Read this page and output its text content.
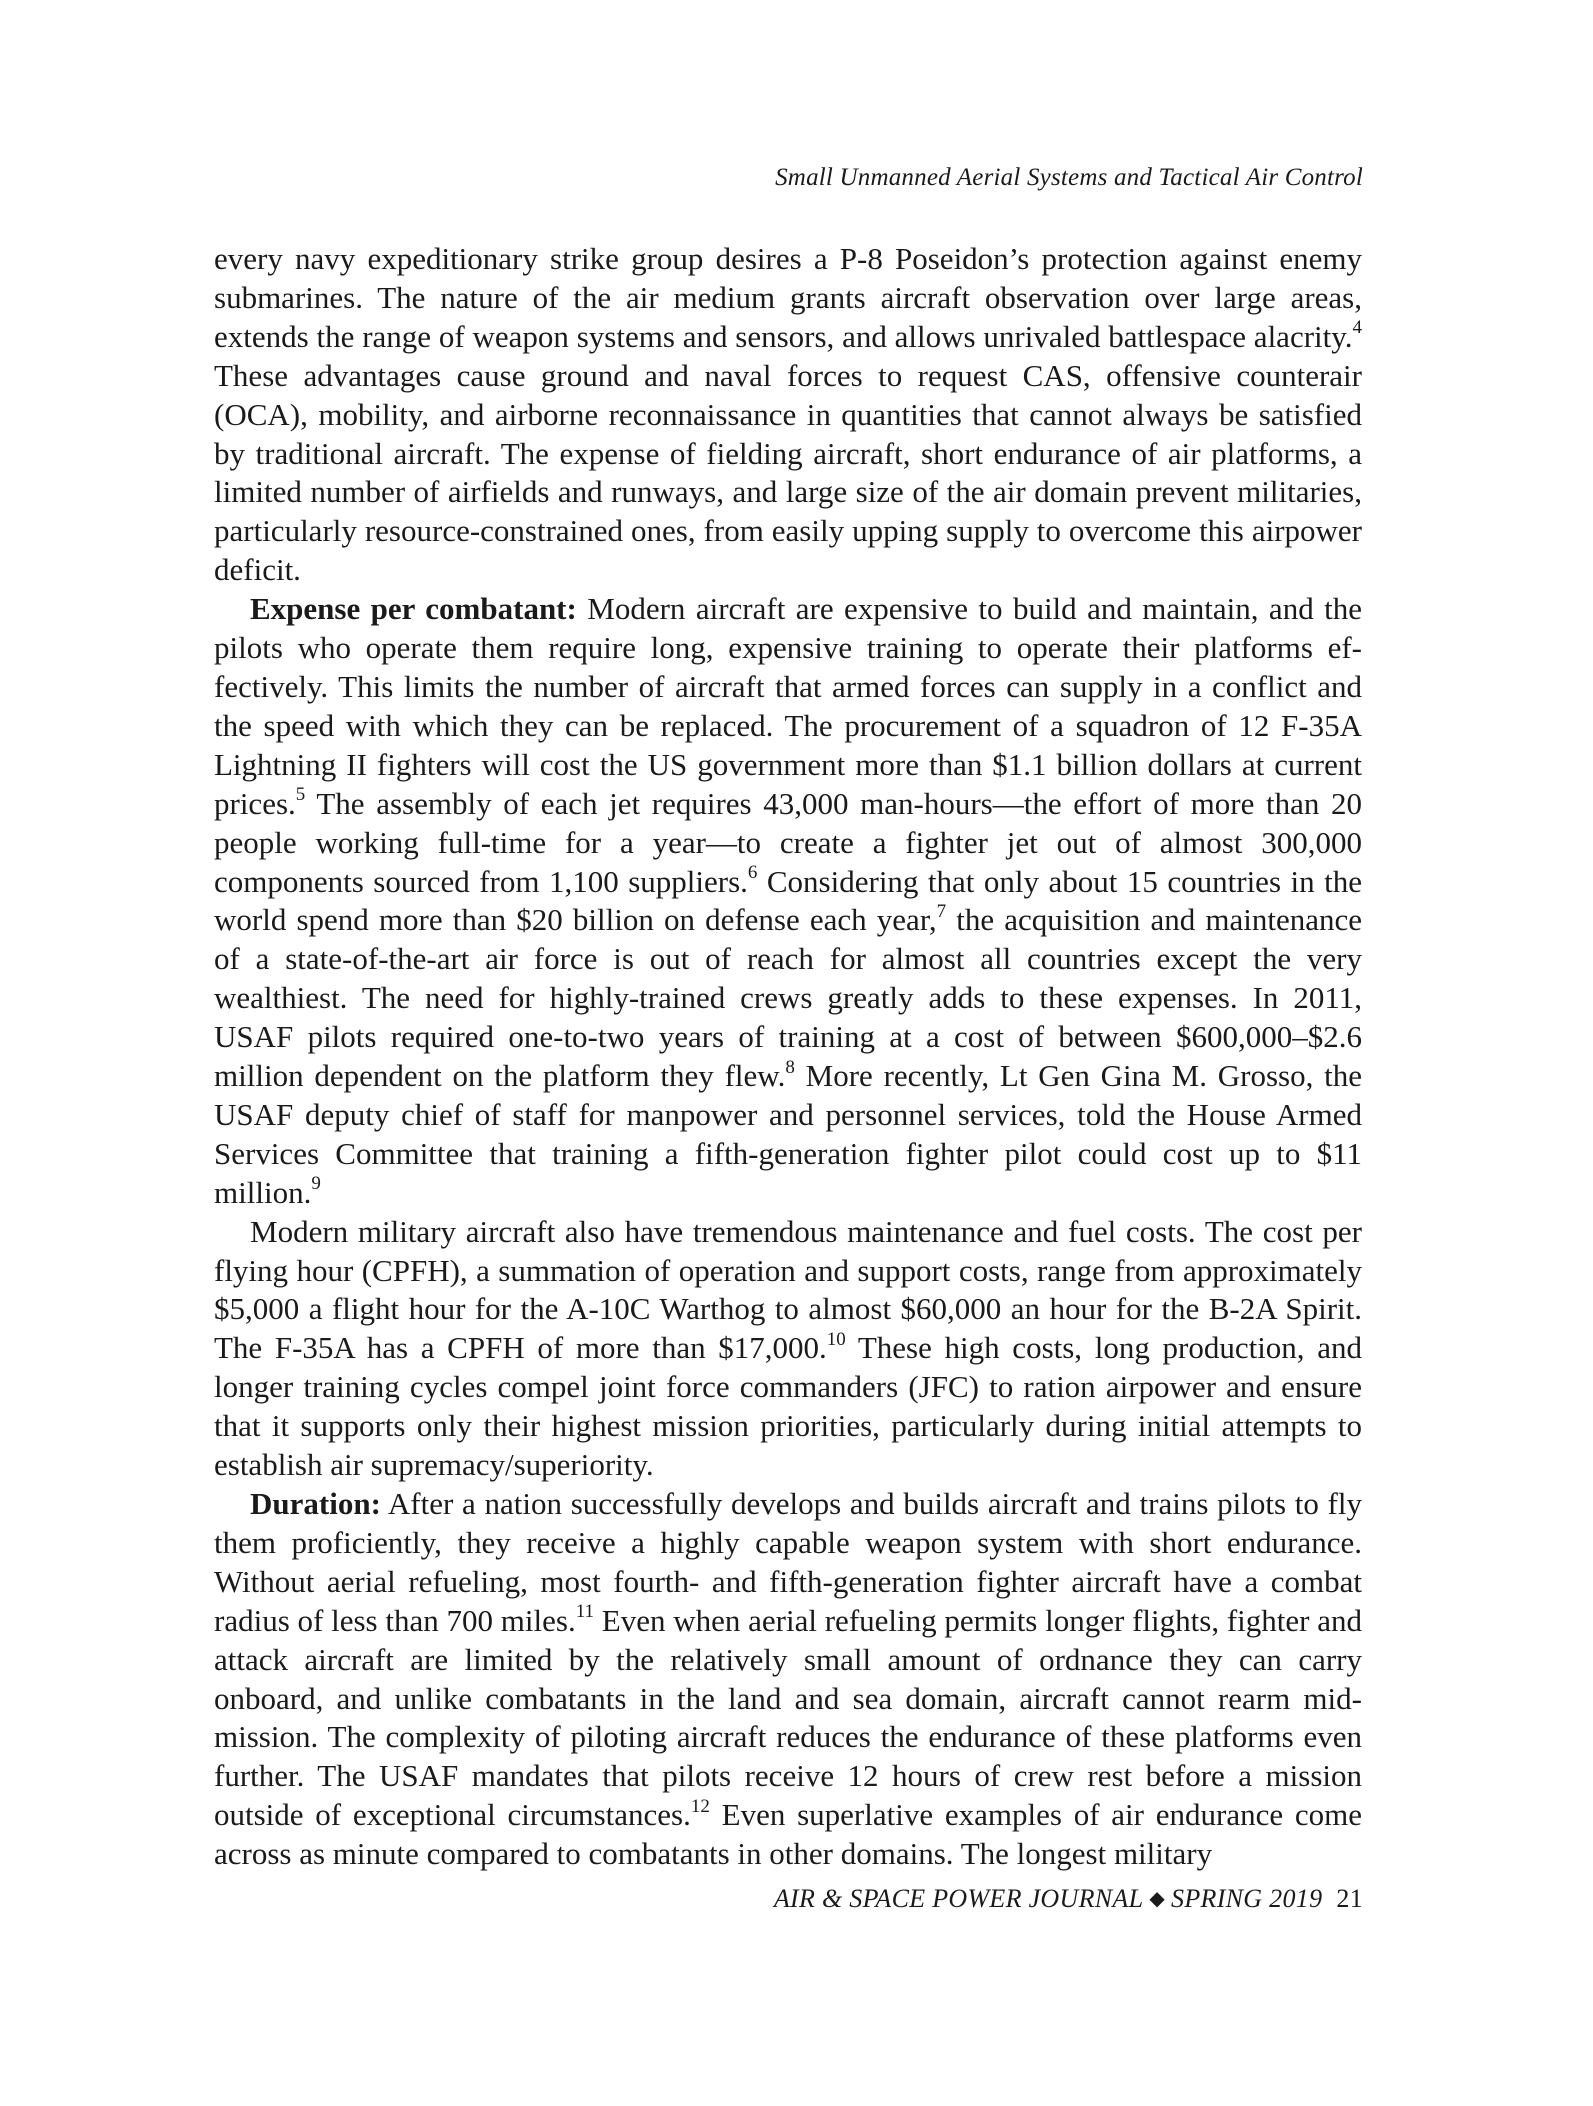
Small Unmanned Aerial Systems and Tactical Air Control

every navy expeditionary strike group desires a P-8 Poseidon’s protection against enemy submarines. The nature of the air medium grants aircraft observation over large areas, extends the range of weapon systems and sensors, and allows unrivaled battlespace alacrity.$^4$ These advantages cause ground and naval forces to request CAS, offensive counterair (OCA), mobility, and airborne reconnaissance in quantities that cannot always be satisfied by traditional aircraft. The expense of fielding aircraft, short endurance of air platforms, a limited number of airfields and runways, and large size of the air domain prevent militaries, particularly resource-constrained ones, from easily upping supply to overcome this airpower deficit.

Expense per combatant: Modern aircraft are expensive to build and maintain, and the pilots who operate them require long, expensive training to operate their platforms effectively. This limits the number of aircraft that armed forces can supply in a conflict and the speed with which they can be replaced. The procurement of a squadron of 12 F-35A Lightning II fighters will cost the US government more than $1.1 billion dollars at current prices.$^5$ The assembly of each jet requires 43,000 man-hours—the effort of more than 20 people working full-time for a year—to create a fighter jet out of almost 300,000 components sourced from 1,100 suppliers.$^6$ Considering that only about 15 countries in the world spend more than $20 billion on defense each year,$^7$ the acquisition and maintenance of a state-of-the-art air force is out of reach for almost all countries except the very wealthiest. The need for highly-trained crews greatly adds to these expenses. In 2011, USAF pilots required one-to-two years of training at a cost of between $600,000–$2.6 million dependent on the platform they flew.$^8$ More recently, Lt Gen Gina M. Grosso, the USAF deputy chief of staff for manpower and personnel services, told the House Armed Services Committee that training a fifth-generation fighter pilot could cost up to $11 million.$^9$

Modern military aircraft also have tremendous maintenance and fuel costs. The cost per flying hour (CPFH), a summation of operation and support costs, range from approximately $5,000 a flight hour for the A-10C Warthog to almost $60,000 an hour for the B-2A Spirit. The F-35A has a CPFH of more than $17,000.10 These high costs, long production, and longer training cycles compel joint force commanders (JFC) to ration airpower and ensure that it supports only their highest mission priorities, particularly during initial attempts to establish air supremacy/superiority.

Duration: After a nation successfully develops and builds aircraft and trains pilots to fly them proficiently, they receive a highly capable weapon system with short endurance. Without aerial refueling, most fourth- and fifth-generation fighter aircraft have a combat radius of less than 700 miles.$^{11}$ Even when aerial refueling permits longer flights, fighter and attack aircraft are limited by the relatively small amount of ordnance they can carry onboard, and unlike combatants in the land and sea domain, aircraft cannot rearm midmission. The complexity of piloting aircraft reduces the endurance of these platforms even further. The USAF mandates that pilots receive 12 hours of crew rest before a mission outside of exceptional circumstances.$^{12}$ Even superlative examples of air endurance come across as minute compared to combatants in other domains. The longest military

AIR & SPACE POWER JOURNAL ◆ SPRING 2019 21
